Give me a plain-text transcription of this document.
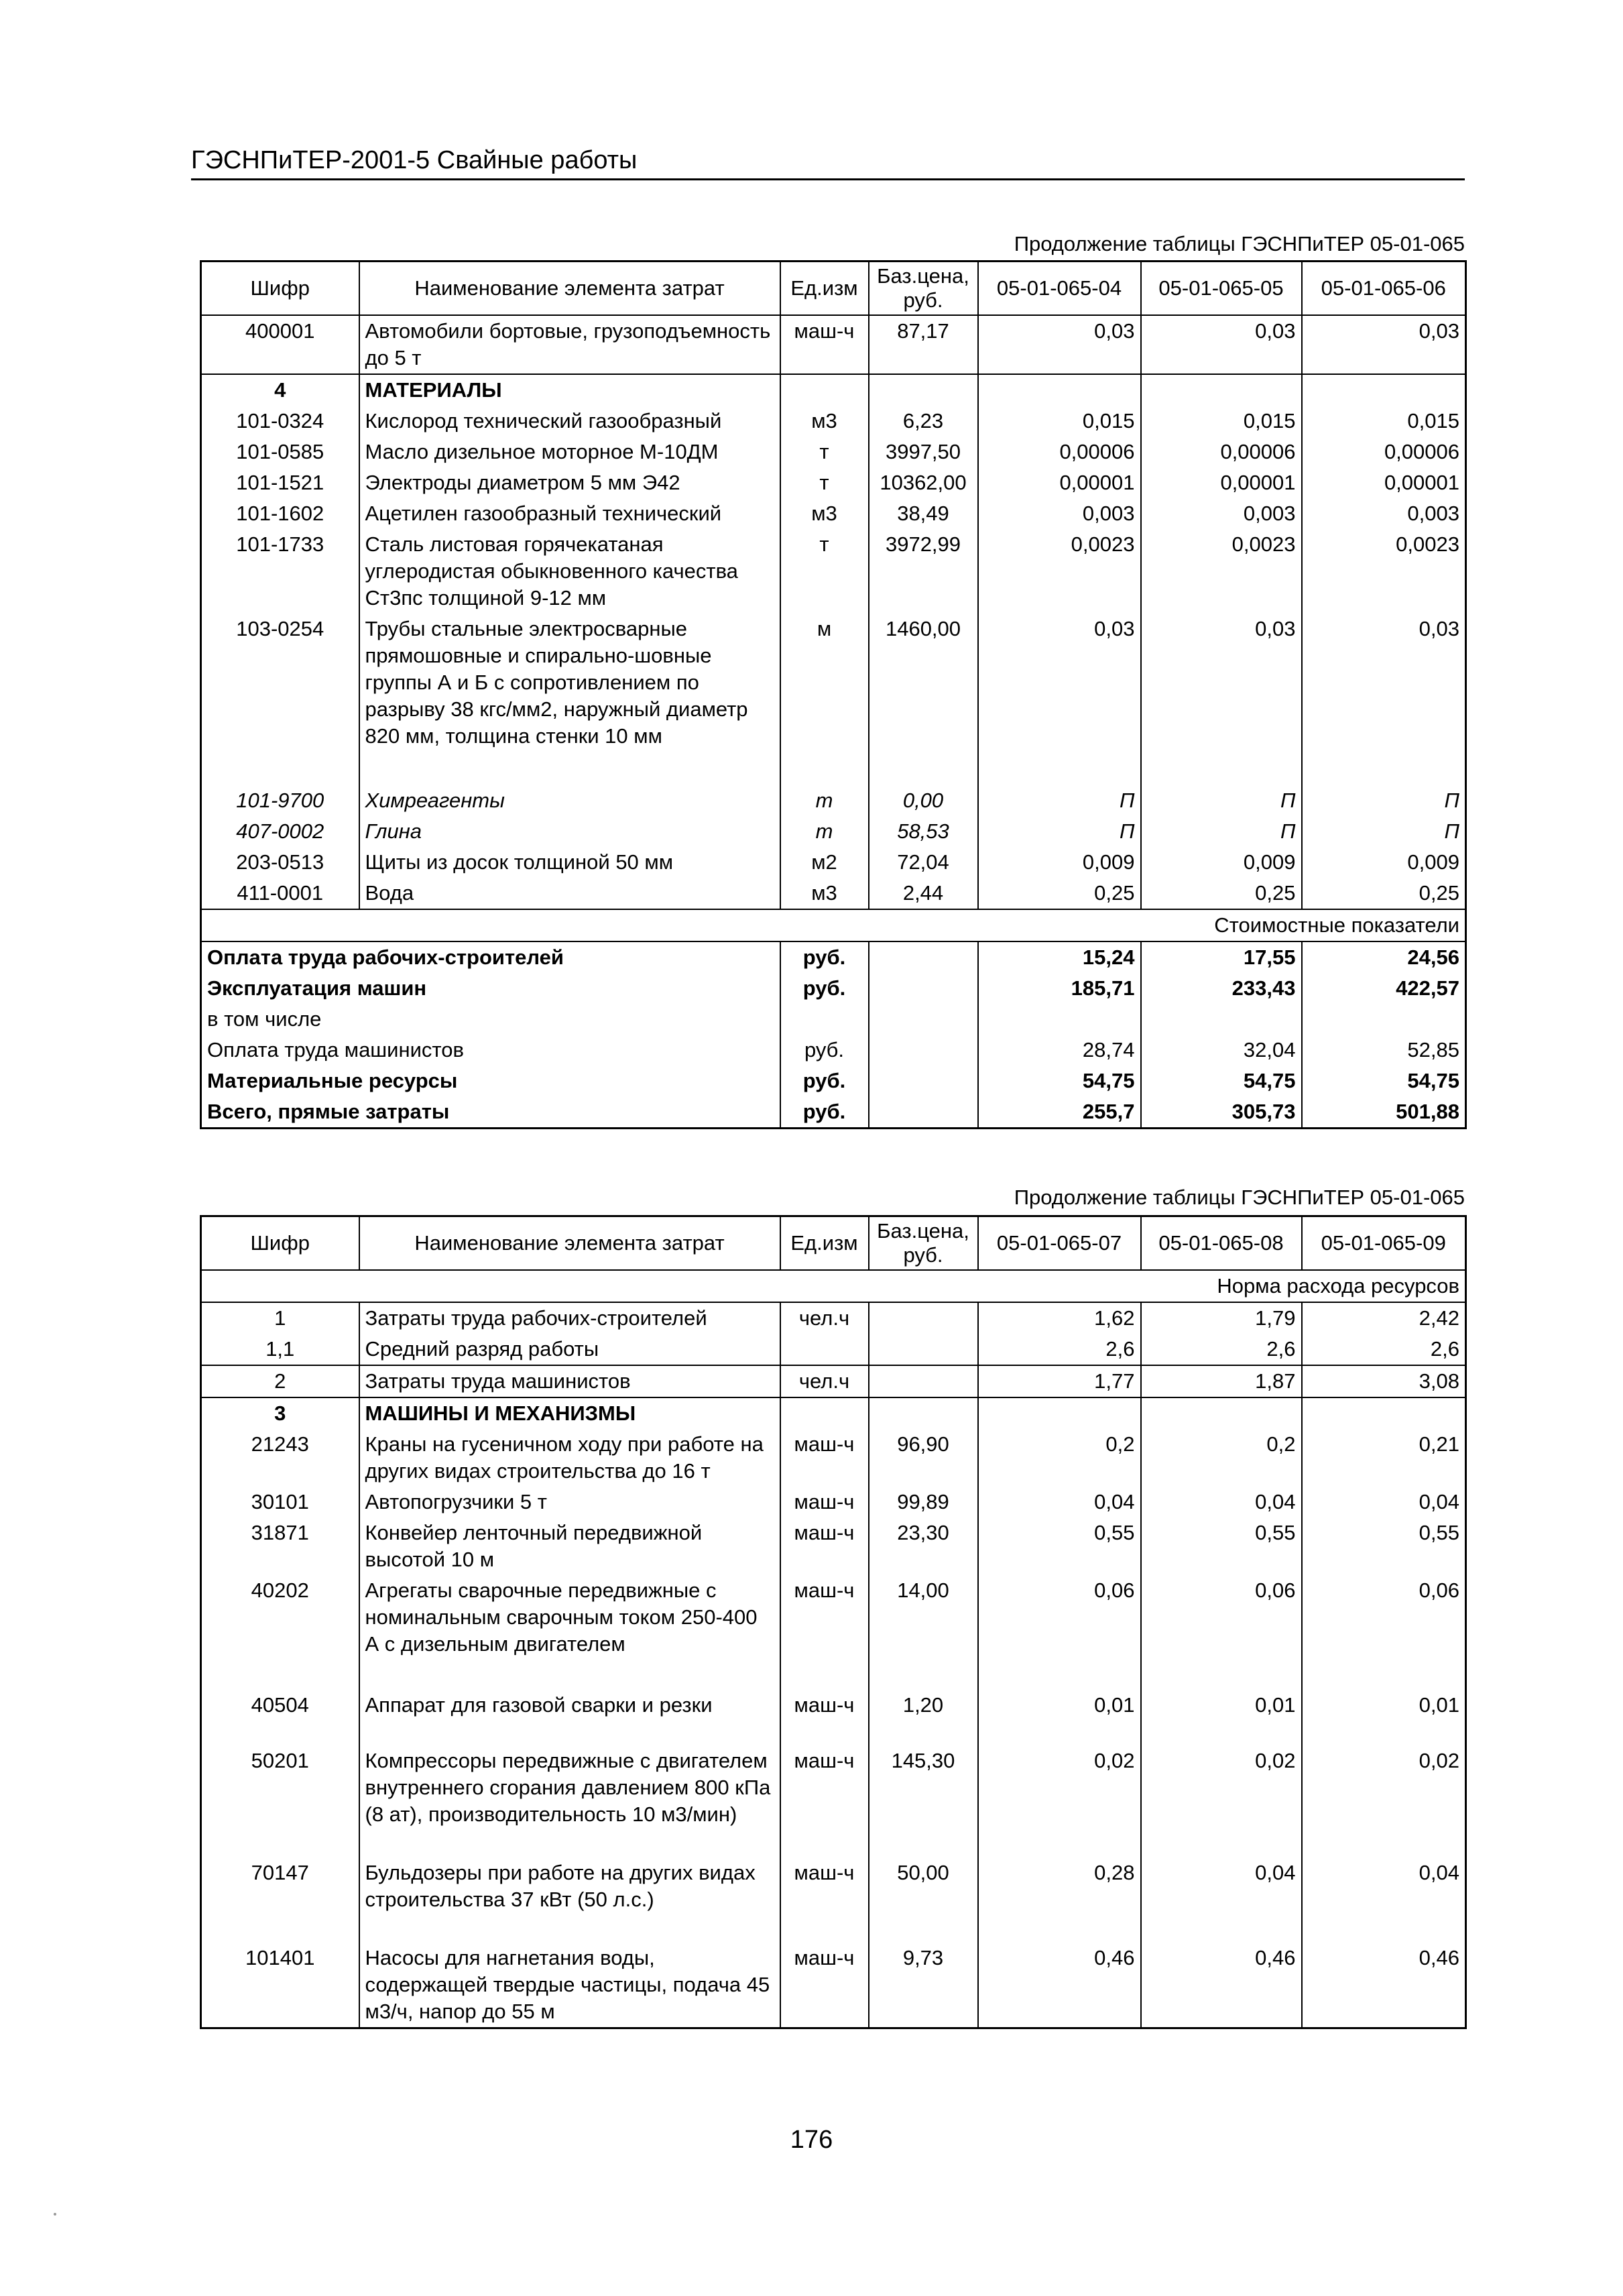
ГЭСНПиТЕР-2001-5 Свайные работы
Продолжение таблицы ГЭСНПиТЕР 05-01-065
Шифр	Наименование элемента затрат	Ед.изм	Баз.цена, руб.	05-01-065-04	05-01-065-05	05-01-065-06
400001	Автомобили бортовые, грузоподъемность до 5 т	маш-ч	87,17	0,03	0,03	0,03
4	МАТЕРИАЛЫ					
101-0324	Кислород технический газообразный	м3	6,23	0,015	0,015	0,015
101-0585	Масло дизельное моторное М-10ДМ	т	3997,50	0,00006	0,00006	0,00006
101-1521	Электроды диаметром 5 мм Э42	т	10362,00	0,00001	0,00001	0,00001
101-1602	Ацетилен газообразный технический	м3	38,49	0,003	0,003	0,003
101-1733	Сталь листовая горячекатаная углеродистая обыкновенного качества Ст3пс толщиной 9-12 мм	т	3972,99	0,0023	0,0023	0,0023
103-0254	Трубы стальные электросварные прямошовные и спирально-шовные группы А и Б с сопротивлением по разрыву 38 кгс/мм2, наружный диаметр 820 мм, толщина стенки 10 мм	м	1460,00	0,03	0,03	0,03

101-9700	Химреагенты	т	0,00	П	П	П
407-0002	Глина	т	58,53	П	П	П
203-0513	Щиты из досок толщиной 50 мм	м2	72,04	0,009	0,009	0,009
411-0001	Вода	м3	2,44	0,25	0,25	0,25
Стоимостные показатели						
Оплата труда рабочих-строителей		руб.		15,24	17,55	24,56
Эксплуатация машин		руб.		185,71	233,43	422,57
в том числе						
Оплата труда машинистов		руб.		28,74	32,04	52,85
Материальные ресурсы		руб.		54,75	54,75	54,75
Всего, прямые затраты		руб.		255,7	305,73	501,88
Продолжение таблицы ГЭСНПиТЕР 05-01-065
Шифр	Наименование элемента затрат	Ед.изм	Баз.цена, руб.	05-01-065-07	05-01-065-08	05-01-065-09
Норма расхода ресурсов						
1	Затраты труда рабочих-строителей	чел.ч		1,62	1,79	2,42
1,1	Средний разряд работы			2,6	2,6	2,6
2	Затраты труда машинистов	чел.ч		1,77	1,87	3,08
3	МАШИНЫ И МЕХАНИЗМЫ					
21243	Краны на гусеничном ходу при работе на других видах строительства до 16 т	маш-ч	96,90	0,2	0,2	0,21
30101	Автопогрузчики 5 т	маш-ч	99,89	0,04	0,04	0,04
31871	Конвейер ленточный передвижной высотой 10 м	маш-ч	23,30	0,55	0,55	0,55
40202	Агрегаты сварочные передвижные с номинальным сварочным током 250-400 А с дизельным двигателем	маш-ч	14,00	0,06	0,06	0,06
40504	Аппарат для газовой сварки и резки	маш-ч	1,20	0,01	0,01	0,01
50201	Компрессоры передвижные с двигателем внутреннего сгорания давлением 800 кПа (8 ат), производительность 10 м3/мин)	маш-ч	145,30	0,02	0,02	0,02
70147	Бульдозеры при работе на других видах строительства 37 кВт (50 л.с.)	маш-ч	50,00	0,28	0,04	0,04
101401	Насосы для нагнетания воды, содержащей твердые частицы, подача 45 м3/ч, напор до 55 м	маш-ч	9,73	0,46	0,46	0,46
176
